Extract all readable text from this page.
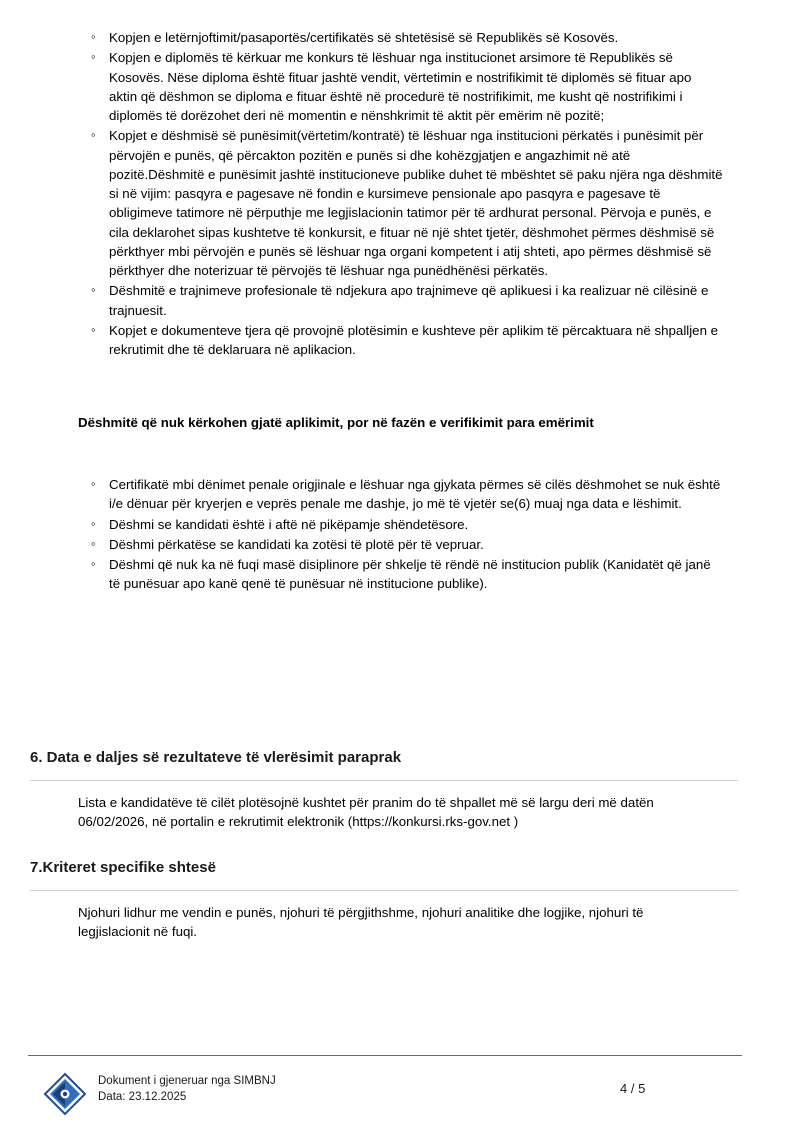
◦ Kopjen e letërnjoftimit/pasaportës/certifikatës së shtetësisë së Republikës së Kosovës.
◦ Kopjen e diplomës të kërkuar me konkurs të lëshuar nga institucionet arsimore të Republikës së Kosovës. Nëse diploma është fituar jashtë vendit, vërtetimin e nostrifikimit të diplomës së fituar apo aktin që dëshmon se diploma e fituar është në procedurë të nostrifikimit, me kusht që nostrifikimi i diplomës të dorëzohet deri në momentin e nënshkrimit të aktit për emërim në pozitë;
◦ Kopjet e dëshmisë së punësimit(vërtetim/kontratë) të lëshuar nga institucioni përkatës i punësimit për përvojën e punës, që përcakton pozitën e punës si dhe kohëzgjatjen e angazhimit në atë pozitë.Dëshmitë e punësimit jashtë institucioneve publike duhet të mbështet së paku njëra nga dëshmitë si në vijim: pasqyra e pagesave në fondin e kursimeve pensionale apo pasqyra e pagesave të obligimeve tatimore në përputhje me legjislacionin tatimor për të ardhurat personal. Përvoja e punës, e cila deklarohet sipas kushtetve të konkursit, e fituar në një shtet tjetër, dëshmohet përmes dëshmisë së përkthyer mbi përvojën e punës së lëshuar nga organi kompetent i atij shteti, apo përmes dëshmisë së përkthyer dhe noterizuar të përvojës të lëshuar nga punëdhënësi përkatës.
◦ Dëshmitë e trajnimeve profesionale të ndjekura apo trajnimeve që aplikuesi i ka realizuar në cilësinë e trajnuesit.
◦ Kopjet e dokumenteve tjera që provojnë plotësimin e kushteve për aplikim të përcaktuara në shpalljen e rekrutimit dhe të deklaruara në aplikacion.
Dëshmitë që nuk kërkohen gjatë aplikimit, por në fazën e verifikimit para emërimit
◦ Certifikatë mbi dënimet penale origjinale e lëshuar nga gjykata përmes së cilës dëshmohet se nuk është i/e dënuar për kryerjen e veprës penale me dashje, jo më të vjetër se(6) muaj nga data e lëshimit.
◦ Dëshmi se kandidati është i aftë në pikëpamje shëndetësore.
◦ Dëshmi përkatëse se kandidati ka zotësi të plotë për të vepruar.
◦ Dëshmi që nuk ka në fuqi masë disiplinore për shkelje të rëndë në institucion publik (Kanidatët që janë të punësuar apo kanë qenë të punësuar në institucione publike).
6. Data e daljes së rezultateve të vlerësimit paraprak
Lista e kandidatëve të cilët plotësojnë kushtet për pranim do të shpallet më së largu deri më datën 06/02/2026, në portalin e rekrutimit elektronik (https://konkursi.rks-gov.net )
7.Kriteret specifike shtesë
Njohuri lidhur me vendin e punës, njohuri të përgjithshme, njohuri analitike dhe logjike, njohuri të legjislacionit në fuqi.
Dokument i gjeneruar nga SIMBNJ
Data: 23.12.2025
4 / 5
